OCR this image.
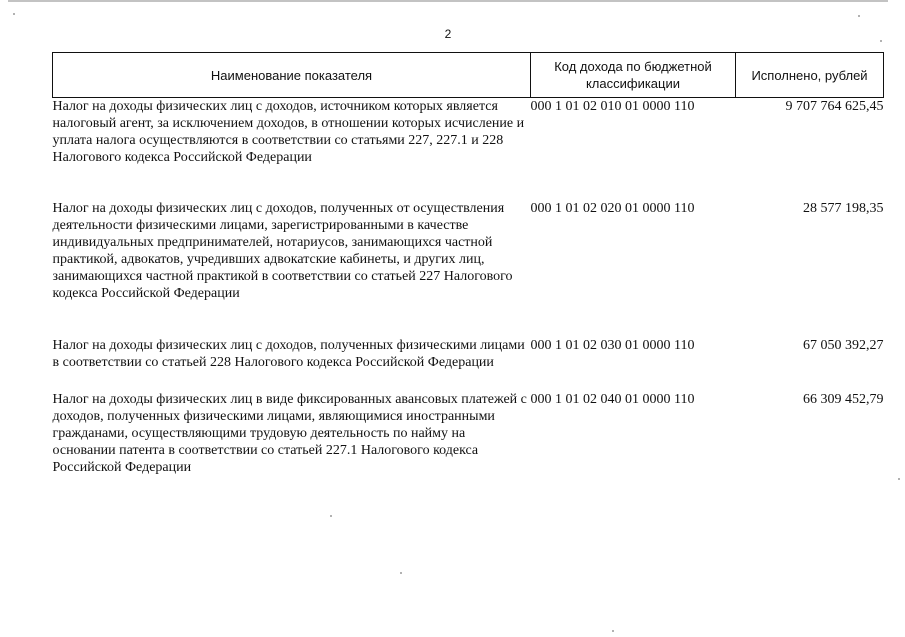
2
Наименование показателя	Код дохода по бюджетной классификации	Исполнено, рублей
Налог на доходы физических лиц с доходов, источником которых является налоговый агент, за исключением доходов, в отношении которых исчисление и уплата налога осуществляются в соответствии со статьями 227, 227.1 и 228 Налогового кодекса Российской Федерации	000 1 01 02 010 01 0000 110	9 707 764 625,45
Налог на доходы физических лиц с доходов, полученных от осуществления деятельности физическими лицами, зарегистрированными в качестве индивидуальных предпринимателей, нотариусов, занимающихся частной практикой, адвокатов, учредивших адвокатские кабинеты, и других лиц, занимающихся частной практикой в соответствии со статьей 227 Налогового кодекса Российской Федерации	000 1 01 02 020 01 0000 110	28 577 198,35
Налог на доходы физических лиц с доходов, полученных физическими лицами в соответствии со статьей 228 Налогового кодекса Российской Федерации	000 1 01 02 030 01 0000 110	67 050 392,27
Налог на доходы физических лиц в виде фиксированных авансовых платежей с доходов, полученных физическими лицами, являющимися иностранными гражданами, осуществляющими трудовую деятельность по найму на основании патента в соответствии со статьей 227.1 Налогового кодекса Российской Федерации	000 1 01 02 040 01 0000 110	66 309 452,79
